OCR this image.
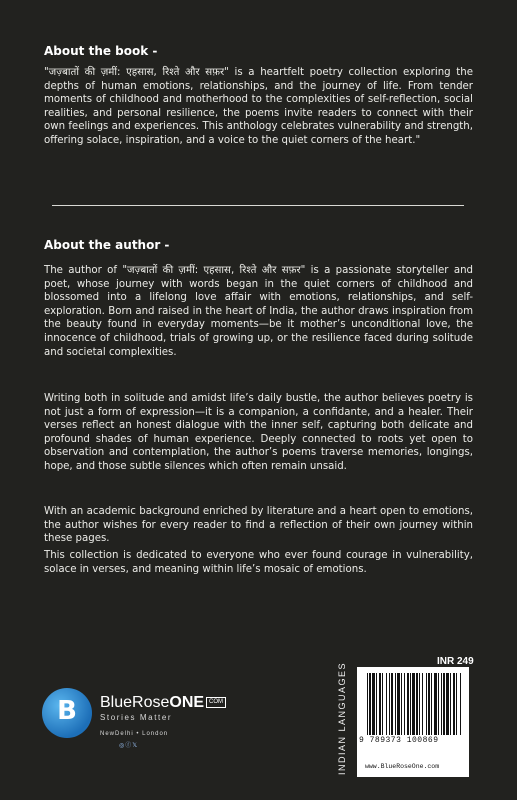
About the book -

"जज़्बातों की ज़मीं: एहसास, रिश्ते और सफ़र" is a heartfelt poetry collection exploring the depths of human emotions, relationships, and the journey of life. From tender moments of childhood and motherhood to the complexities of self-reflection, social realities, and personal resilience, the poems invite readers to connect with their own feelings and experiences. This anthology celebrates vulnerability and strength, offering solace, inspiration, and a voice to the quiet corners of the heart."

About the author -

The author of "जज़्बातों की ज़मीं: एहसास, रिश्ते और सफ़र" is a passionate storyteller and poet, whose journey with words began in the quiet corners of childhood and blossomed into a lifelong love affair with emotions, relationships, and self-exploration. Born and raised in the heart of India, the author draws inspiration from the beauty found in everyday moments—be it mother’s unconditional love, the innocence of childhood, trials of growing up, or the resilience faced during solitude and societal complexities.

Writing both in solitude and amidst life’s daily bustle, the author believes poetry is not just a form of expression—it is a companion, a confidante, and a healer. Their verses reflect an honest dialogue with the inner self, capturing both delicate and profound shades of human experience. Deeply connected to roots yet open to observation and contemplation, the author’s poems traverse memories, longings, hope, and those subtle silences which often remain unsaid.

With an academic background enriched by literature and a heart open to emotions, the author wishes for every reader to find a reflection of their own journey within these pages.

This collection is dedicated to everyone who ever found courage in vulnerability, solace in verses, and meaning within life’s mosaic of emotions.

B	BlueRoseONE COM
Stories Matter
NewDelhi • London
◎ⓕ𝕏	INDIAN LANGUAGES	INR 249
9 789373 100869
www.BlueRoseOne.com
